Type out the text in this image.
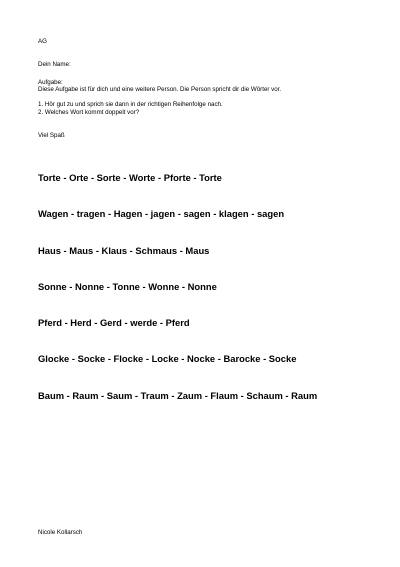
AG

Dein Name:

Aufgabe:

Diese Aufgabe ist für dich und eine weitere Person. Die Person spricht dir die Wörter vor.

1. Hör gut zu und sprich sie dann in der richtigen Reihenfolge nach.

2. Welches Wort kommt doppelt vor?

Viel Spaß

Torte - Orte - Sorte - Worte - Pforte - Torte

Wagen - tragen - Hagen - jagen - sagen - klagen - sagen

Haus - Maus - Klaus - Schmaus - Maus

Sonne - Nonne - Tonne - Wonne - Nonne

Pferd - Herd - Gerd - werde - Pferd

Glocke - Socke - Flocke - Locke - Nocke - Barocke - Socke

Baum - Raum - Saum - Traum - Zaum - Flaum - Schaum - Raum

Nicole Kollarsch
